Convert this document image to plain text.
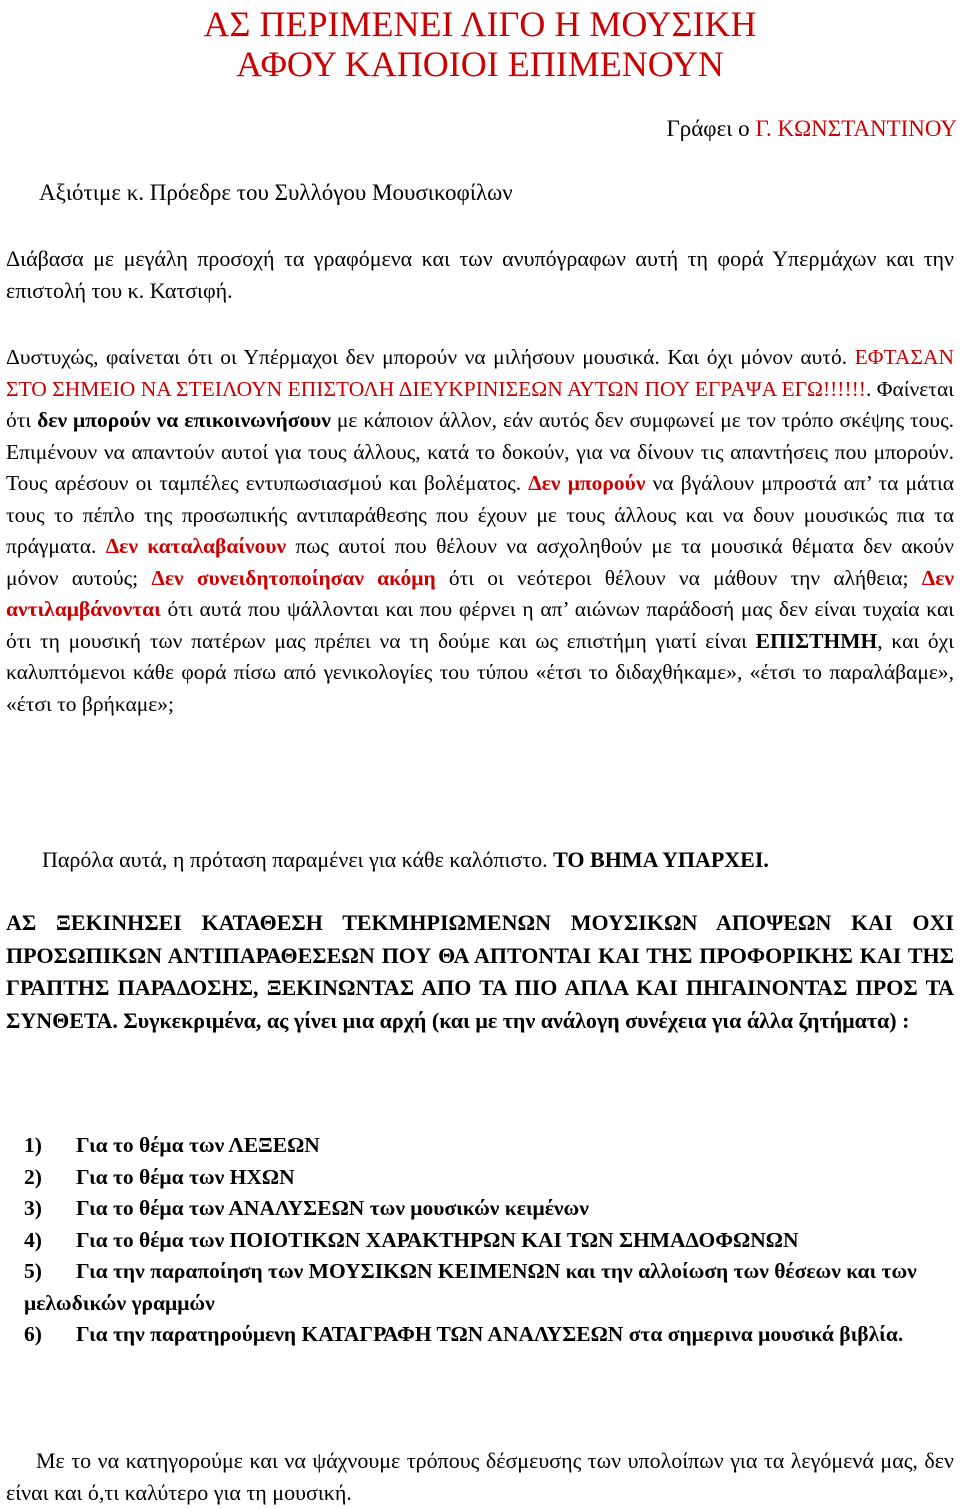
ΑΣ ΠΕΡΙΜΕΝΕΙ ΛΙΓΟ Η ΜΟΥΣΙΚΗ
ΑΦΟΥ ΚΑΠΟΙΟΙ ΕΠΙΜΕΝΟΥΝ
Γράφει ο Γ. ΚΩΝΣΤΑΝΤΙΝΟΥ
Αξιότιμε κ. Πρόεδρε του Συλλόγου Μουσικοφίλων

Διάβασα με μεγάλη προσοχή τα γραφόμενα και των ανυπόγραφων αυτή τη φορά Υπερμάχων και την επιστολή του κ. Κατσιφή.

Δυστυχώς, φαίνεται ότι οι Υπέρμαχοι δεν μπορούν να μιλήσουν μουσικά. Και όχι μόνον αυτό. ΕΦΤΑΣΑΝ ΣΤΟ ΣΗΜΕΙΟ ΝΑ ΣΤΕΙΛΟΥΝ ΕΠΙΣΤΟΛΗ ΔΙΕΥΚΡΙΝΙΣΕΩΝ ΑΥΤΩΝ ΠΟΥ ΕΓΡΑΨΑ ΕΓΩ!!!!!!. Φαίνεται ότι δεν μπορούν να επικοινωνήσουν με κάποιον άλλον, εάν αυτός δεν συμφωνεί με τον τρόπο σκέψης τους. Επιμένουν να απαντούν αυτοί για τους άλλους, κατά το δοκούν, για να δίνουν τις απαντήσεις που μπορούν. Τους αρέσουν οι ταμπέλες εντυπωσιασμού και βολέματος. Δεν μπορούν να βγάλουν μπροστά απ’ τα μάτια τους το πέπλο της προσωπικής αντιπαράθεσης που έχουν με τους άλλους και να δουν μουσικώς πια τα πράγματα. Δεν καταλαβαίνουν πως αυτοί που θέλουν να ασχοληθούν με τα μουσικά θέματα δεν ακούν μόνον αυτούς; Δεν συνειδητοποίησαν ακόμη ότι οι νεότεροι θέλουν να μάθουν την αλήθεια; Δεν αντιλαμβάνονται ότι αυτά που ψάλλονται και που φέρνει η απ’ αιώνων παράδοσή μας δεν είναι τυχαία και ότι τη μουσική των πατέρων μας πρέπει να τη δούμε και ως επιστήμη γιατί είναι ΕΠΙΣΤΗΜΗ, και όχι καλυπτόμενοι κάθε φορά πίσω από γενικολογίες του τύπου «έτσι το διδαχθήκαμε», «έτσι το παραλάβαμε», «έτσι το βρήκαμε»;

Παρόλα αυτά, η πρόταση παραμένει για κάθε καλόπιστο. ΤΟ ΒΗΜΑ ΥΠΑΡΧΕΙ.

ΑΣ ΞΕΚΙΝΗΣΕΙ ΚΑΤΑΘΕΣΗ ΤΕΚΜΗΡΙΩΜΕΝΩΝ ΜΟΥΣΙΚΩΝ ΑΠΟΨΕΩΝ ΚΑΙ ΟΧΙ ΠΡΟΣΩΠΙΚΩΝ ΑΝΤΙΠΑΡΑΘΕΣΕΩΝ ΠΟΥ ΘΑ ΑΠΤΟΝΤΑΙ ΚΑΙ ΤΗΣ ΠΡΟΦΟΡΙΚΗΣ ΚΑΙ ΤΗΣ ΓΡΑΠΤΗΣ ΠΑΡΑΔΟΣΗΣ, ΞΕΚΙΝΩΝΤΑΣ ΑΠΟ ΤΑ ΠΙΟ ΑΠΛΑ ΚΑΙ ΠΗΓΑΙΝΟΝΤΑΣ ΠΡΟΣ ΤΑ ΣΥΝΘΕΤΑ. Συγκεκριμένα, ας γίνει μια αρχή (και με την ανάλογη συνέχεια για άλλα ζητήματα) :

1) Για το θέμα των ΛΕΞΕΩΝ
2) Για το θέμα των ΗΧΩΝ
3) Για το θέμα των ΑΝΑΛΥΣΕΩΝ των μουσικών κειμένων
4) Για το θέμα των ΠΟΙΟΤΙΚΩΝ ΧΑΡΑΚΤΗΡΩΝ ΚΑΙ ΤΩΝ ΣΗΜΑΔΟΦΩΝΩΝ
5) Για την παραποίηση των ΜΟΥΣΙΚΩΝ ΚΕΙΜΕΝΩΝ και την αλλοίωση των θέσεων και των μελωδικών γραμμών
6) Για την παρατηρούμενη ΚΑΤΑΓΡΑΦΗ ΤΩΝ ΑΝΑΛΥΣΕΩΝ στα σημερινα μουσικά βιβλία.

Με το να κατηγορούμε και να ψάχνουμε τρόπους δέσμευσης των υπολοίπων για τα λεγόμενά μας, δεν είναι και ό,τι καλύτερο για τη μουσική.
